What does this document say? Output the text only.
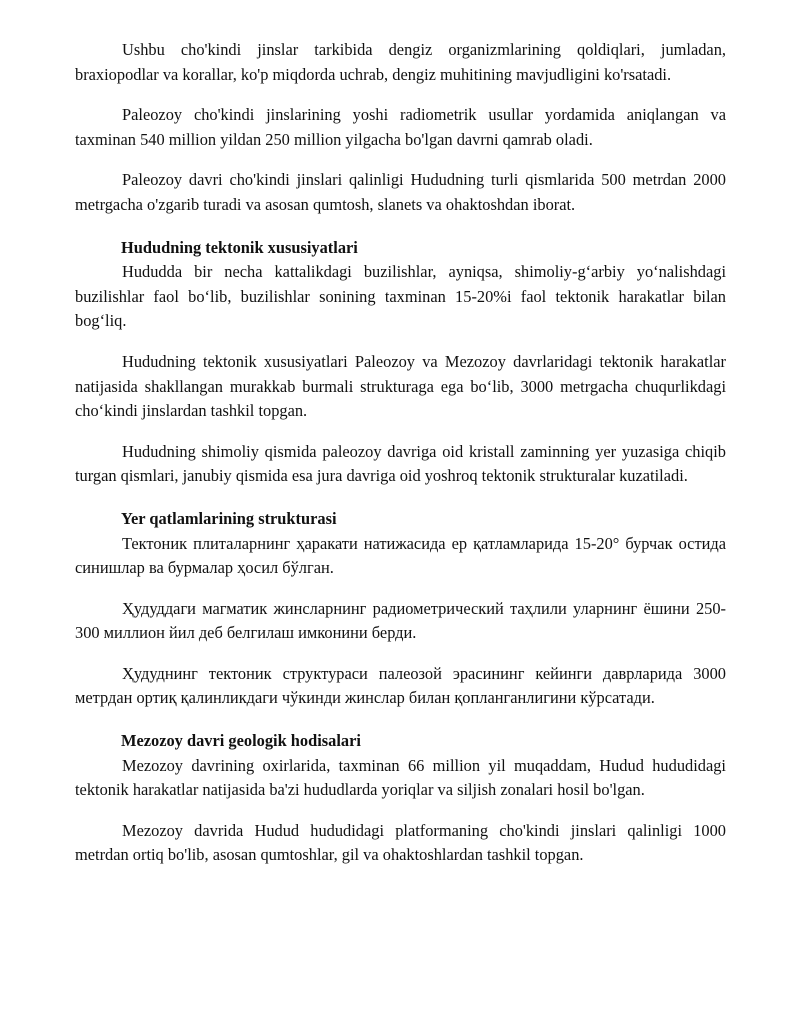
Ushbu cho'kindi jinslar tarkibida dengiz organizmlarining qoldiqlari, jumladan, braxiopodlar va korallar, ko'p miqdorda uchrab, dengiz muhitining mavjudligini ko'rsatadi.

Paleozoy cho'kindi jinslarining yoshi radiometrik usullar yordamida aniqlangan va taxminan 540 million yildan 250 million yilgacha bo'lgan davrni qamrab oladi.

Paleozoy davri cho'kindi jinslari qalinligi Hududning turli qismlarida 500 metrdan 2000 metrgacha o'zgarib turadi va asosan qumtosh, slanets va ohaktoshdan iborat.

Hududning tektonik xususiyatlari

Hududda bir necha kattalikdagi buzilishlar, ayniqsa, shimoliy-g‘arbiy yo‘nalishdagi buzilishlar faol bo‘lib, buzilishlar sonining taxminan 15-20%i faol tektonik harakatlar bilan bog‘liq.

Hududning tektonik xususiyatlari Paleozoy va Mezozoy davrlaridagi tektonik harakatlar natijasida shakllangan murakkab burmali strukturaga ega bo‘lib, 3000 metrgacha chuqurlikdagi cho‘kindi jinslardan tashkil topgan.

Hududning shimoliy qismida paleozoy davriga oid kristall zaminning yer yuzasiga chiqib turgan qismlari, janubiy qismida esa jura davriga oid yoshroq tektonik strukturalar kuzatiladi.

Yer qatlamlarining strukturasi

Тектоник плиталарнинг ҳаракати натижасида ер қатламларида 15-20° бурчак остида синишлар ва бурмалар ҳосил бўлган.

Ҳудуддаги магматик жинсларнинг радиометрический таҳлили уларнинг ёшини 250-300 миллион йил деб белгилаш имконини берди.

Ҳудуднинг тектоник структураси палеозой эрасининг кейинги даврларида 3000 метрдан ортиқ қалинликдаги чўкинди жинслар билан қопланганлигини кўрсатади.

Mezozoy davri geologik hodisalari

Mezozoy davrining oxirlarida, taxminan 66 million yil muqaddam, Hudud hududidagi tektonik harakatlar natijasida ba'zi hududlarda yoriqlar va siljish zonalari hosil bo'lgan.

Mezozoy davrida Hudud hududidagi platformaning cho'kindi jinslari qalinligi 1000 metrdan ortiq bo'lib, asosan qumtoshlar, gil va ohaktoshlardan tashkil topgan.
